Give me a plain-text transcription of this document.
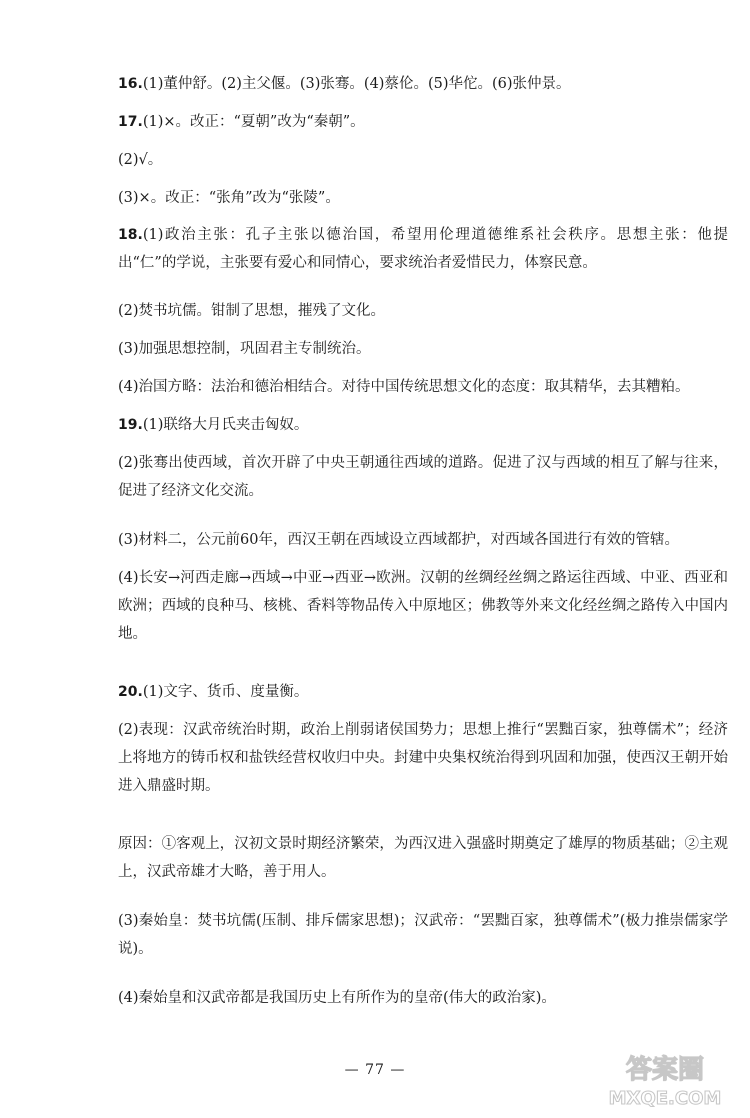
16.(1)董仲舒。(2)主父偃。(3)张骞。(4)蔡伦。(5)华佗。(6)张仲景。

17.(1)×。改正：“夏朝”改为“秦朝”。

(2)√。

(3)×。改正：“张角”改为“张陵”。

18.(1)政治主张：孔子主张以德治国，希望用伦理道德维系社会秩序。思想主张：他提出“仁”的学说，主张要有爱心和同情心，要求统治者爱惜民力，体察民意。

(2)焚书坑儒。钳制了思想，摧残了文化。

(3)加强思想控制，巩固君主专制统治。

(4)治国方略：法治和德治相结合。对待中国传统思想文化的态度：取其精华，去其糟粕。

19.(1)联络大月氏夹击匈奴。

(2)张骞出使西域，首次开辟了中央王朝通往西域的道路。促进了汉与西域的相互了解与往来，促进了经济文化交流。

(3)材料二，公元前60年，西汉王朝在西域设立西域都护，对西域各国进行有效的管辖。

(4)长安→河西走廊→西域→中亚→西亚→欧洲。汉朝的丝绸经丝绸之路运往西域、中亚、西亚和欧洲；西域的良种马、核桃、香料等物品传入中原地区；佛教等外来文化经丝绸之路传入中国内地。

20.(1)文字、货币、度量衡。

(2)表现：汉武帝统治时期，政治上削弱诸侯国势力；思想上推行“罢黜百家，独尊儒术”；经济上将地方的铸币权和盐铁经营权收归中央。封建中央集权统治得到巩固和加强，使西汉王朝开始进入鼎盛时期。

原因：①客观上，汉初文景时期经济繁荣，为西汉进入强盛时期奠定了雄厚的物质基础；②主观上，汉武帝雄才大略，善于用人。

(3)秦始皇：焚书坑儒(压制、排斥儒家思想)；汉武帝：“罢黜百家，独尊儒术”(极力推崇儒家学说)。

(4)秦始皇和汉武帝都是我国历史上有所作为的皇帝(伟大的政治家)。

— 77 —	答案圈
MXQE.COM
